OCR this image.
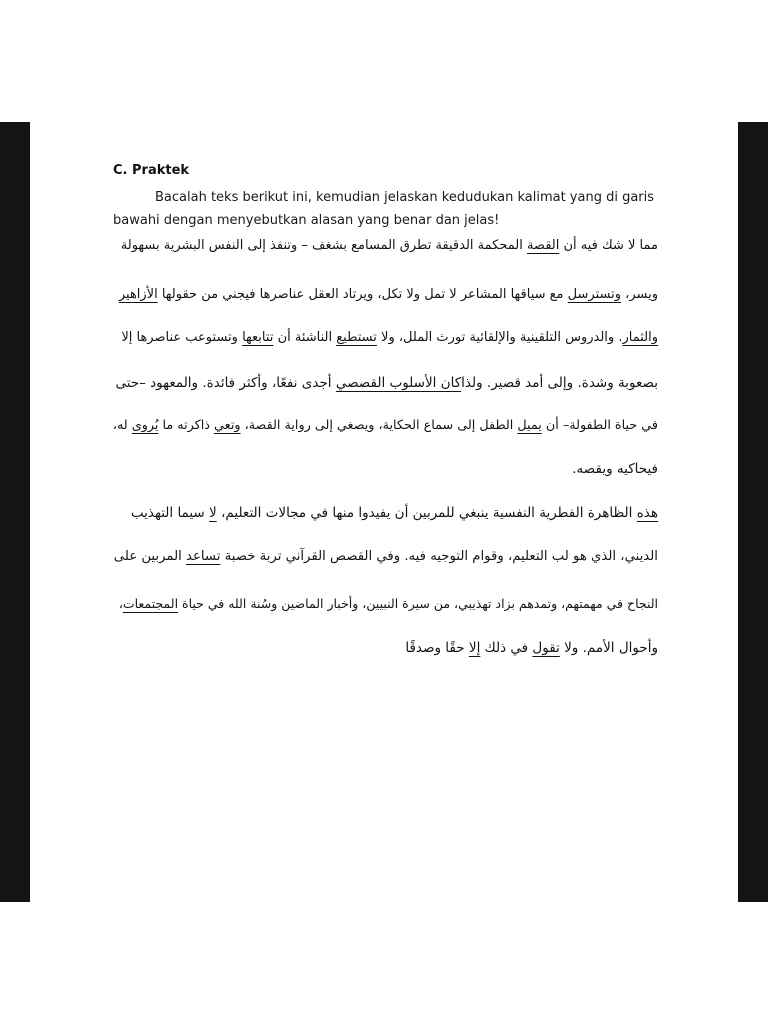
C. Praktek
Bacalah teks berikut ini, kemudian jelaskan kedudukan kalimat yang di garis
bawahi dengan menyebutkan alasan yang benar dan jelas!
مما لا شك فيه أن القصة المحكمة الدقيقة تطرق المسامع بشغف – وتنفذ إلى النفس البشرية بسهولة
ويسر، وتسترسل مع سياقها المشاعر لا تمل ولا تكل، ويرتاد العقل عناصرها فيجني من حقولها الأزاهير
والثمار. والدروس التلقينية والإلقائية تورث الملل، ولا تستطيع الناشئة أن تتابعها وتستوعب عناصرها إلا
بصعوبة وشدة. وإلى أمد قصير. ولذاكان الأسلوب القصصي أجدى نفعًا، وأكثر فائدة. والمعهود –حتى
في حياة الطفولة– أن يميل الطفل إلى سماع الحكاية، ويصغي إلى رواية القصة، وتعي ذاكرته ما يُروى له،
فيحاكيه ويقصه.
هذه الظاهرة الفطرية النفسية ينبغي للمربين أن يفيدوا منها في مجالات التعليم، لا سيما التهذيب
الديني، الذي هو لب التعليم، وقوام التوجيه فيه. وفي القصص القرآني تربة خصبة تساعد المربين على
النجاح في مهمتهم، وتمدهم بزاد تهذيبي، من سيرة النبيين، وأخبار الماضين وسُنة الله في حياة المجتمعات،
وأحوال الأمم. ولا تقول في ذلك إلا حقًا وصدقًا
